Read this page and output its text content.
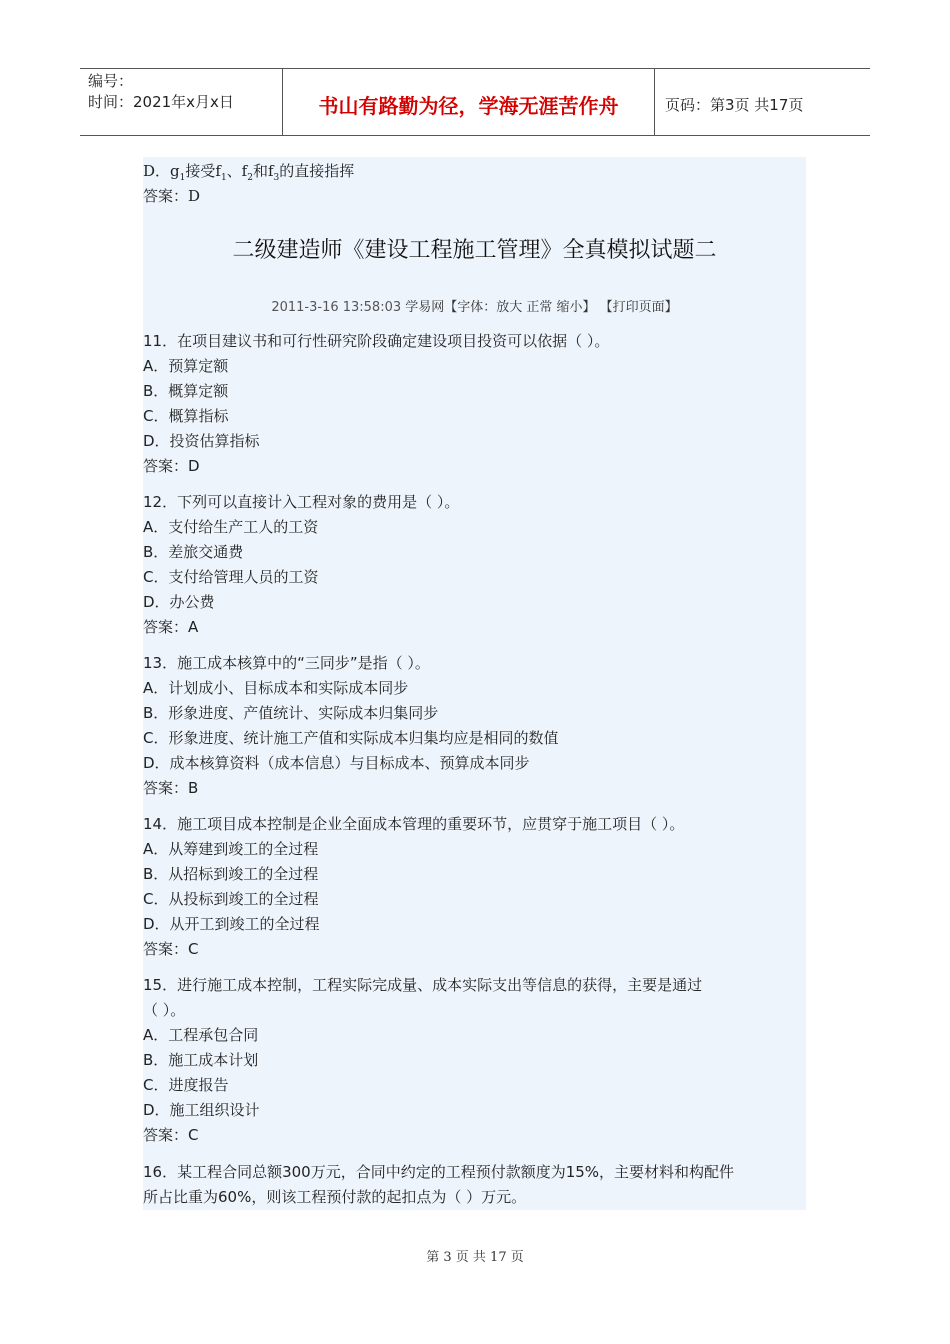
编号：
时间：2021年x月x日	书山有路勤为径，学海无涯苦作舟	页码：第3页 共17页
D．$g_1$接受$f_1$、$f_2$和$f_3$的直接指挥
答案：D
二级建造师《建设工程施工管理》全真模拟试题二
2011-3-16 13:58:03 学易网【字体：放大 正常 缩小】 【打印页面】
11．在项目建议书和可行性研究阶段确定建设项目投资可以依据（ ）。
A．预算定额
B．概算定额
C．概算指标
D．投资估算指标
答案：D
12．下列可以直接计入工程对象的费用是（ ）。
A．支付给生产工人的工资
B．差旅交通费
C．支付给管理人员的工资
D．办公费
答案：A
13．施工成本核算中的“三同步”是指（ ）。
A．计划成小、目标成本和实际成本同步
B．形象进度、产值统计、实际成本归集同步
C．形象进度、统计施工产值和实际成本归集均应是相同的数值
D．成本核算资料（成本信息）与目标成本、预算成本同步
答案：B
14．施工项目成本控制是企业全面成本管理的重要环节，应贯穿于施工项目（ ）。
A．从筹建到竣工的全过程
B．从招标到竣工的全过程
C．从投标到竣工的全过程
D．从开工到竣工的全过程
答案：C
15．进行施工成本控制，工程实际完成量、成本实际支出等信息的获得，主要是通过
（ ）。
A．工程承包合同
B．施工成本计划
C．进度报告
D．施工组织设计
答案：C
16．某工程合同总额300万元，合同中约定的工程预付款额度为15%，主要材料和构配件
所占比重为60%，则该工程预付款的起扣点为（ ）万元。
第 3 页 共 17 页
